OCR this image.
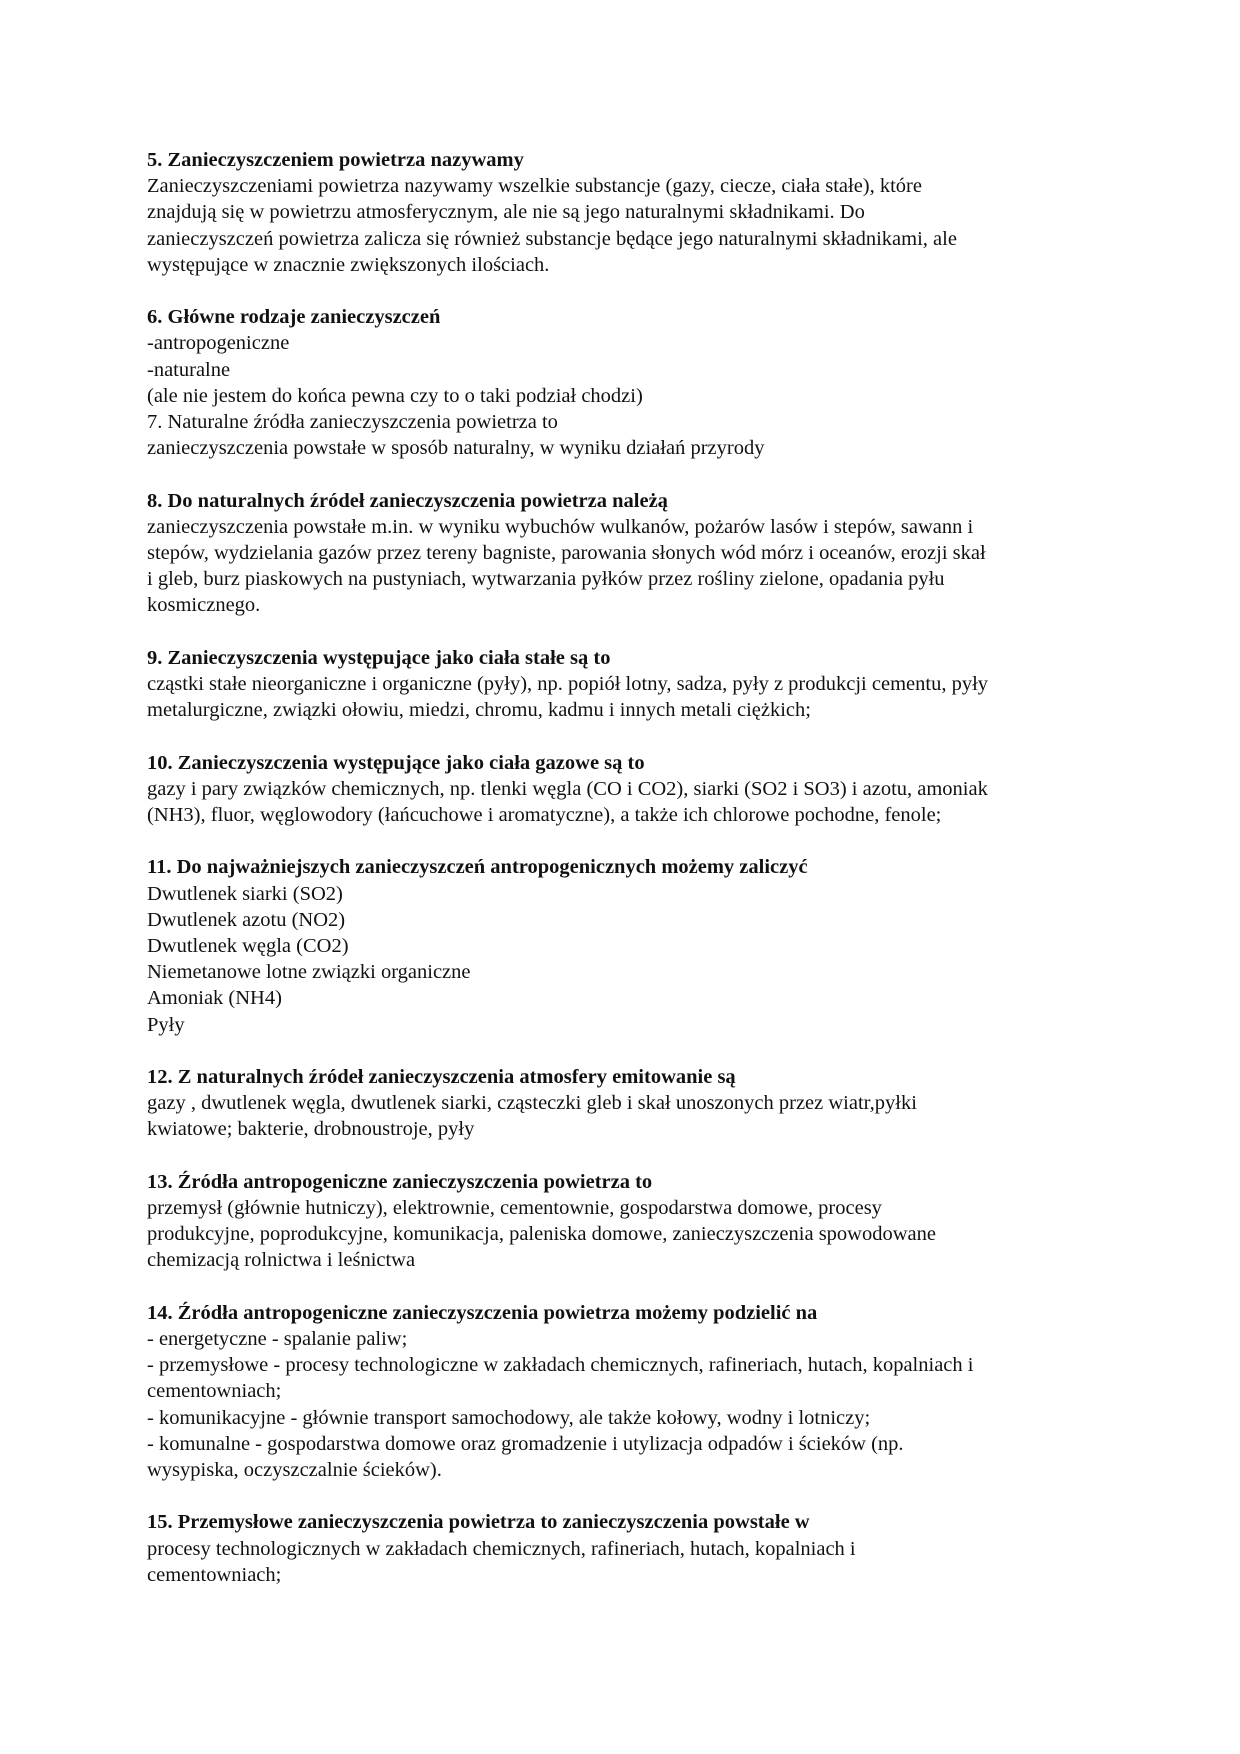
5. Zanieczyszczeniem powietrza nazywamy
Zanieczyszczeniami powietrza nazywamy wszelkie substancje (gazy, ciecze, ciała stałe), które
znajdują się w powietrzu atmosferycznym, ale nie są jego naturalnymi składnikami. Do
zanieczyszczeń powietrza zalicza się również substancje będące jego naturalnymi składnikami, ale
występujące w znacznie zwiększonych ilościach.
6. Główne rodzaje zanieczyszczeń
-antropogeniczne
-naturalne
(ale nie jestem do końca pewna czy to o taki podział chodzi)
7. Naturalne źródła zanieczyszczenia powietrza to
zanieczyszczenia powstałe w sposób naturalny, w wyniku działań przyrody
8. Do naturalnych źródeł zanieczyszczenia powietrza należą
zanieczyszczenia powstałe m.in. w wyniku wybuchów wulkanów, pożarów lasów i stepów, sawann i
stepów, wydzielania gazów przez tereny bagniste, parowania słonych wód mórz i oceanów, erozji skał
i gleb, burz piaskowych na pustyniach, wytwarzania pyłków przez rośliny zielone, opadania pyłu
kosmicznego.
9. Zanieczyszczenia występujące jako ciała stałe są to
cząstki stałe nieorganiczne i organiczne (pyły), np. popiół lotny, sadza, pyły z produkcji cementu, pyły
metalurgiczne, związki ołowiu, miedzi, chromu, kadmu i innych metali ciężkich;
10. Zanieczyszczenia występujące jako ciała gazowe są to
gazy i pary związków chemicznych, np. tlenki węgla (CO i CO2), siarki (SO2 i SO3) i azotu, amoniak
(NH3), fluor, węglowodory (łańcuchowe i aromatyczne), a także ich chlorowe pochodne, fenole;
11. Do najważniejszych zanieczyszczeń antropogenicznych możemy zaliczyć
Dwutlenek siarki (SO2)
Dwutlenek azotu (NO2)
Dwutlenek węgla (CO2)
Niemetanowe lotne związki organiczne
Amoniak (NH4)
Pyły
12. Z naturalnych źródeł zanieczyszczenia atmosfery emitowanie są
gazy , dwutlenek węgla, dwutlenek siarki, cząsteczki gleb i skał unoszonych przez wiatr,pyłki
kwiatowe; bakterie, drobnoustroje, pyły
13. Źródła antropogeniczne zanieczyszczenia powietrza to
przemysł (głównie hutniczy), elektrownie, cementownie, gospodarstwa domowe, procesy
produkcyjne, poprodukcyjne, komunikacja, paleniska domowe, zanieczyszczenia spowodowane
chemizacją rolnictwa i leśnictwa
14. Źródła antropogeniczne zanieczyszczenia powietrza możemy podzielić na
- energetyczne - spalanie paliw;
- przemysłowe - procesy technologiczne w zakładach chemicznych, rafineriach, hutach, kopalniach i
cementowniach;
- komunikacyjne - głównie transport samochodowy, ale także kołowy, wodny i lotniczy;
- komunalne - gospodarstwa domowe oraz gromadzenie i utylizacja odpadów i ścieków (np.
wysypiska, oczyszczalnie ścieków).
15. Przemysłowe zanieczyszczenia powietrza to zanieczyszczenia powstałe w
procesy technologicznych w zakładach chemicznych, rafineriach, hutach, kopalniach i
cementowniach;
